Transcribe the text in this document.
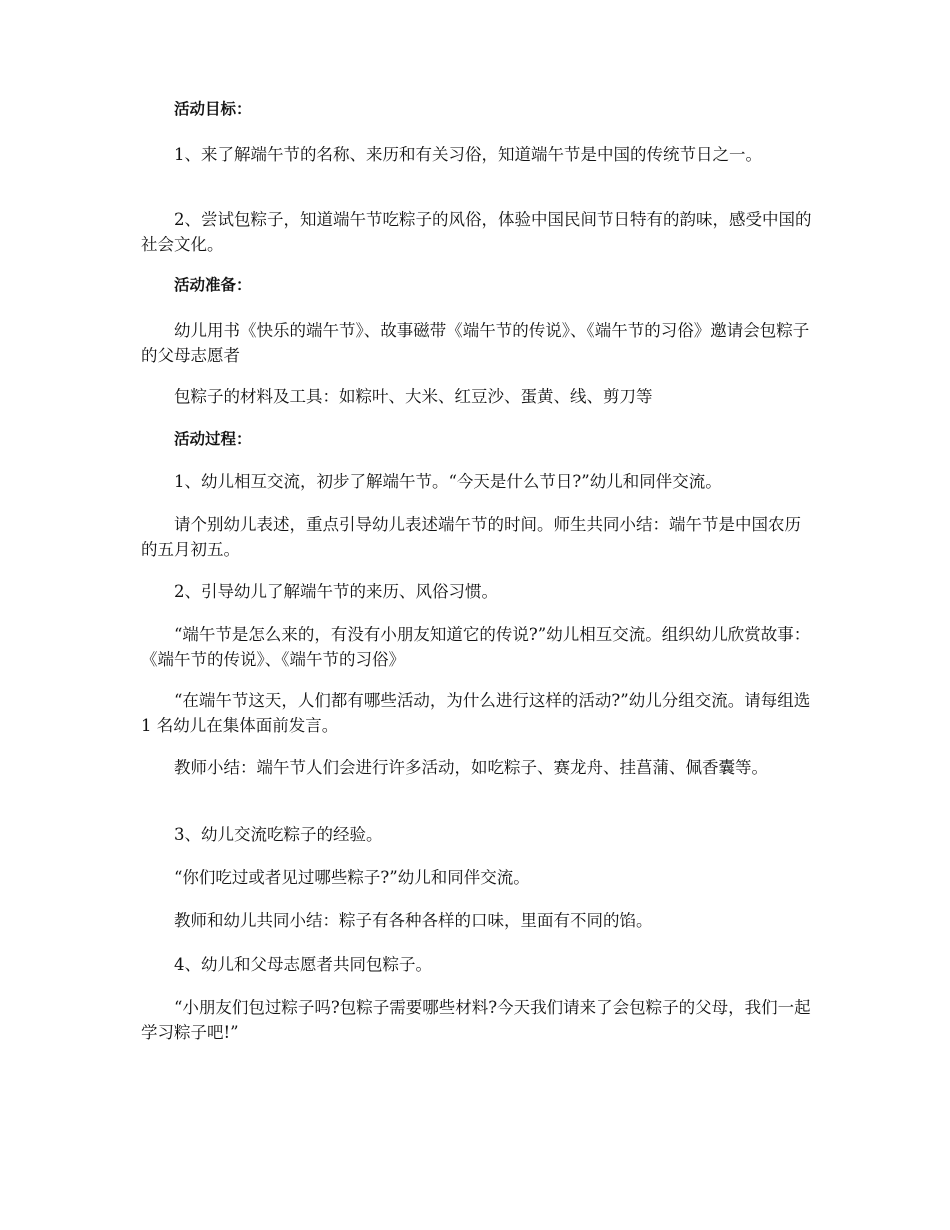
活动目标：

1、来了解端午节的名称、来历和有关习俗，知道端午节是中国的传统节日之一。

2、尝试包粽子，知道端午节吃粽子的风俗，体验中国民间节日特有的韵味，感受中国的社会文化。

活动准备：

幼儿用书《快乐的端午节》、故事磁带《端午节的传说》、《端午节的习俗》邀请会包粽子的父母志愿者

包粽子的材料及工具：如粽叶、大米、红豆沙、蛋黄、线、剪刀等

活动过程：

1、幼儿相互交流，初步了解端午节。“今天是什么节日?”幼儿和同伴交流。

请个别幼儿表述，重点引导幼儿表述端午节的时间。师生共同小结：端午节是中国农历的五月初五。

2、引导幼儿了解端午节的来历、风俗习惯。

“端午节是怎么来的，有没有小朋友知道它的传说?”幼儿相互交流。组织幼儿欣赏故事：《端午节的传说》、《端午节的习俗》

“在端午节这天，人们都有哪些活动，为什么进行这样的活动?”幼儿分组交流。请每组选 1 名幼儿在集体面前发言。

教师小结：端午节人们会进行许多活动，如吃粽子、赛龙舟、挂菖蒲、佩香囊等。

3、幼儿交流吃粽子的经验。

“你们吃过或者见过哪些粽子?”幼儿和同伴交流。

教师和幼儿共同小结：粽子有各种各样的口味，里面有不同的馅。

4、幼儿和父母志愿者共同包粽子。

“小朋友们包过粽子吗?包粽子需要哪些材料?今天我们请来了会包粽子的父母，我们一起学习粽子吧!”
